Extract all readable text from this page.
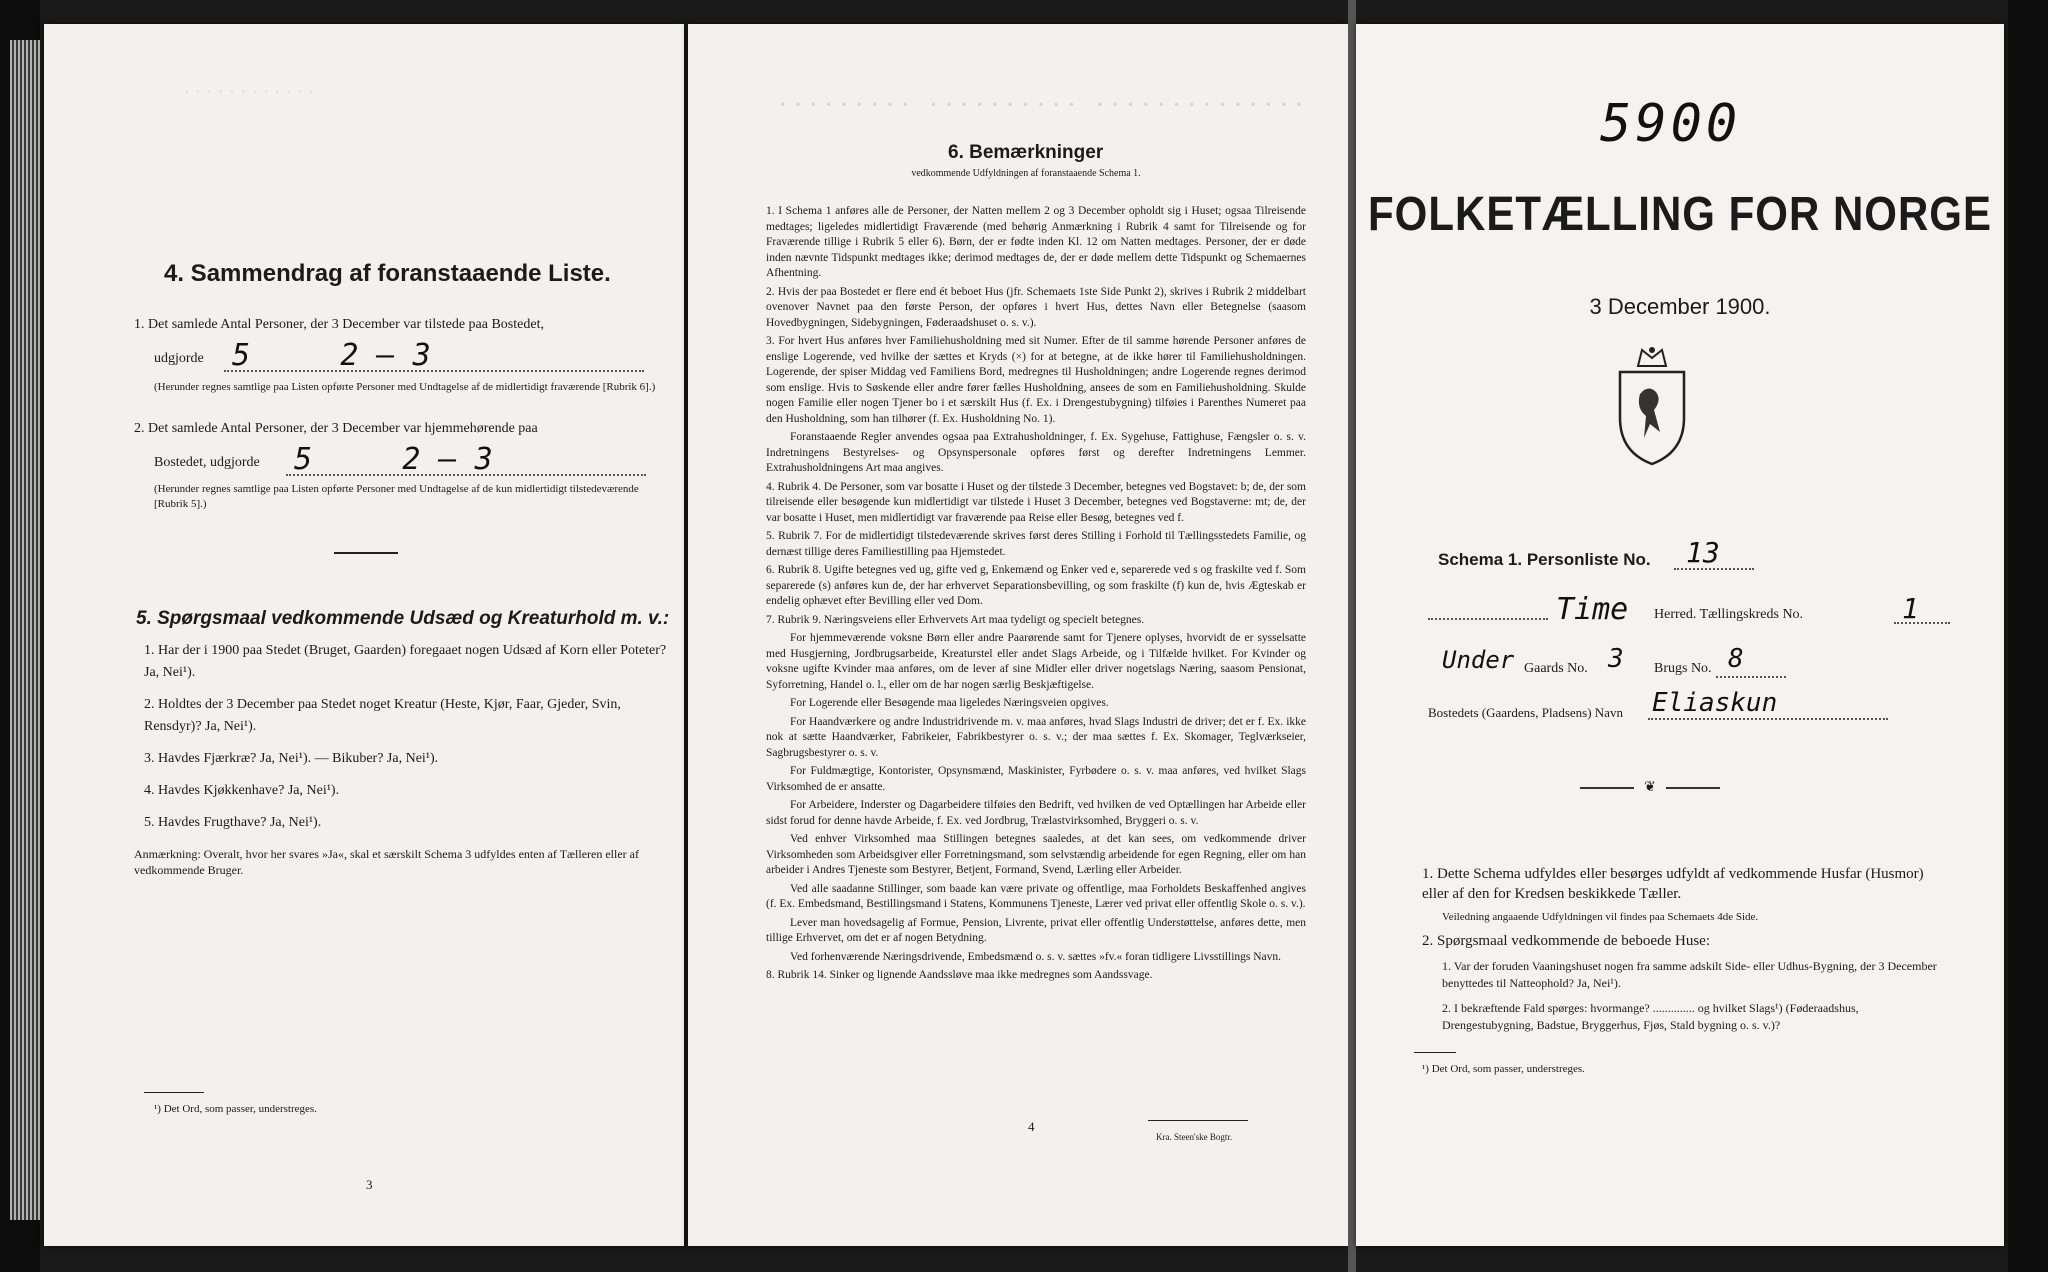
············
4. Sammendrag af foranstaaende Liste.
1. Det samlede Antal Personer, der 3 December var tilstede paa Bostedet,
udgjorde 5     2 – 3
(Herunder regnes samtlige paa Listen opførte Personer med Undtagelse af de midlertidigt fraværende [Rubrik 6].)
2. Det samlede Antal Personer, der 3 December var hjemmehørende paa
Bostedet, udgjorde 5     2 – 3
(Herunder regnes samtlige paa Listen opførte Personer med Undtagelse af de kun midlertidigt tilstedeværende [Rubrik 5].)
5. Spørgsmaal vedkommende Udsæd og Kreaturhold m. v.:

1. Har der i 1900 paa Stedet (Bruget, Gaarden) foregaaet nogen Udsæd af Korn eller Poteter? Ja, Nei¹).

2. Holdtes der 3 December paa Stedet noget Kreatur (Heste, Kjør, Faar, Gjeder, Svin, Rensdyr)? Ja, Nei¹).

3. Havdes Fjærkræ? Ja, Nei¹). — Bikuber? Ja, Nei¹).

4. Havdes Kjøkkenhave? Ja, Nei¹).

5. Havdes Frugthave? Ja, Nei¹).

Anmærkning: Overalt, hvor her svares »Ja«, skal et særskilt Schema 3 udfyldes enten af Tælleren eller af vedkommende Bruger.
¹) Det Ord, som passer, understreges.
3
········· ·········· ··············
6. Bemærkninger
vedkommende Udfyldningen af foranstaaende Schema 1.

1. I Schema 1 anføres alle de Personer, der Natten mellem 2 og 3 December opholdt sig i Huset; ogsaa Tilreisende medtages; ligeledes midlertidigt Fraværende (med behørig Anmærkning i Rubrik 4 samt for Tilreisende og for Fraværende tillige i Rubrik 5 eller 6). Børn, der er fødte inden Kl. 12 om Natten medtages. Personer, der er døde inden nævnte Tidspunkt medtages ikke; derimod medtages de, der er døde mellem dette Tidspunkt og Schemaernes Afhentning.

2. Hvis der paa Bostedet er flere end ét beboet Hus (jfr. Schemaets 1ste Side Punkt 2), skrives i Rubrik 2 middelbart ovenover Navnet paa den første Person, der opføres i hvert Hus, dettes Navn eller Betegnelse (saasom Hovedbygningen, Sidebygningen, Føderaadshuset o. s. v.).

3. For hvert Hus anføres hver Familiehusholdning med sit Numer. Efter de til samme hørende Personer anføres de enslige Logerende, ved hvilke der sættes et Kryds (×) for at betegne, at de ikke hører til Familiehusholdningen. Logerende, der spiser Middag ved Familiens Bord, medregnes til Husholdningen; andre Logerende regnes derimod som enslige. Hvis to Søskende eller andre fører fælles Husholdning, ansees de som en Familiehusholdning. Skulde nogen Familie eller nogen Tjener bo i et særskilt Hus (f. Ex. i Drengestubygning) tilføies i Parenthes Numeret paa den Husholdning, som han tilhører (f. Ex. Husholdning No. 1).

Foranstaaende Regler anvendes ogsaa paa Extrahusholdninger, f. Ex. Sygehuse, Fattighuse, Fængsler o. s. v. Indretningens Bestyrelses- og Opsynspersonale opføres først og derefter Indretningens Lemmer. Extrahusholdningens Art maa angives.

4. Rubrik 4. De Personer, som var bosatte i Huset og der tilstede 3 December, betegnes ved Bogstavet: b; de, der som tilreisende eller besøgende kun midlertidigt var tilstede i Huset 3 December, betegnes ved Bogstaverne: mt; de, der var bosatte i Huset, men midlertidigt var fraværende paa Reise eller Besøg, betegnes ved f.

5. Rubrik 7. For de midlertidigt tilstedeværende skrives først deres Stilling i Forhold til Tællingsstedets Familie, og dernæst tillige deres Familiestilling paa Hjemstedet.

6. Rubrik 8. Ugifte betegnes ved ug, gifte ved g, Enkemænd og Enker ved e, separerede ved s og fraskilte ved f. Som separerede (s) anføres kun de, der har erhvervet Separationsbevilling, og som fraskilte (f) kun de, hvis Ægteskab er endelig ophævet efter Bevilling eller ved Dom.

7. Rubrik 9. Næringsveiens eller Erhvervets Art maa tydeligt og specielt betegnes.

For hjemmeværende voksne Børn eller andre Paarørende samt for Tjenere oplyses, hvorvidt de er sysselsatte med Husgjerning, Jordbrugsarbeide, Kreaturstel eller andet Slags Arbeide, og i Tilfælde hvilket. For Kvinder og voksne ugifte Kvinder maa anføres, om de lever af sine Midler eller driver nogetslags Næring, saasom Pensionat, Syforretning, Handel o. l., eller om de har nogen særlig Beskjæftigelse.

For Logerende eller Besøgende maa ligeledes Næringsveien opgives.

For Haandværkere og andre Industridrivende m. v. maa anføres, hvad Slags Industri de driver; det er f. Ex. ikke nok at sætte Haandværker, Fabrikeier, Fabrikbestyrer o. s. v.; der maa sættes f. Ex. Skomager, Teglværkseier, Sagbrugsbestyrer o. s. v.

For Fuldmægtige, Kontorister, Opsynsmænd, Maskinister, Fyrbødere o. s. v. maa anføres, ved hvilket Slags Virksomhed de er ansatte.

For Arbeidere, Inderster og Dagarbeidere tilføies den Bedrift, ved hvilken de ved Optællingen har Arbeide eller sidst forud for denne havde Arbeide, f. Ex. ved Jordbrug, Trælastvirksomhed, Bryggeri o. s. v.

Ved enhver Virksomhed maa Stillingen betegnes saaledes, at det kan sees, om vedkommende driver Virksomheden som Arbeidsgiver eller Forretningsmand, som selvstændig arbeidende for egen Regning, eller om han arbeider i Andres Tjeneste som Bestyrer, Betjent, Formand, Svend, Lærling eller Arbeider.

Ved alle saadanne Stillinger, som baade kan være private og offentlige, maa Forholdets Beskaffenhed angives (f. Ex. Embedsmand, Bestillingsmand i Statens, Kommunens Tjeneste, Lærer ved privat eller offentlig Skole o. s. v.).

Lever man hovedsagelig af Formue, Pension, Livrente, privat eller offentlig Understøttelse, anføres dette, men tillige Erhvervet, om det er af nogen Betydning.

Ved forhenværende Næringsdrivende, Embedsmænd o. s. v. sættes »fv.« foran tidligere Livsstillings Navn.

8. Rubrik 14. Sinker og lignende Aandssløve maa ikke medregnes som Aandssvage.

4
Kra. Steen'ske Bogtr.
5900
FOLKETÆLLING FOR NORGE
3 December 1900.
Schema 1. Personliste No. 13
Time Herred. Tællingskreds No.	1
Under Gaards No. 3 Brugs No. 8
Bostedets (Gaardens, Pladsens) Navn Eliaskun
❦
1. Dette Schema udfyldes eller besørges udfyldt af vedkommende Husfar (Husmor) eller af den for Kredsen beskikkede Tæller.
Veiledning angaaende Udfyldningen vil findes paa Schemaets 4de Side.
2. Spørgsmaal vedkommende de beboede Huse:
1. Var der foruden Vaaningshuset nogen fra samme adskilt Side- eller Udhus-Bygning, der 3 December benyttedes til Natteophold? Ja, Nei¹).
2. I bekræftende Fald spørges: hvormange? .............. og hvilket Slags¹) (Føderaadshus, Drengestubygning, Badstue, Bryggerhus, Fjøs, Stald bygning o. s. v.)?
¹) Det Ord, som passer, understreges.
